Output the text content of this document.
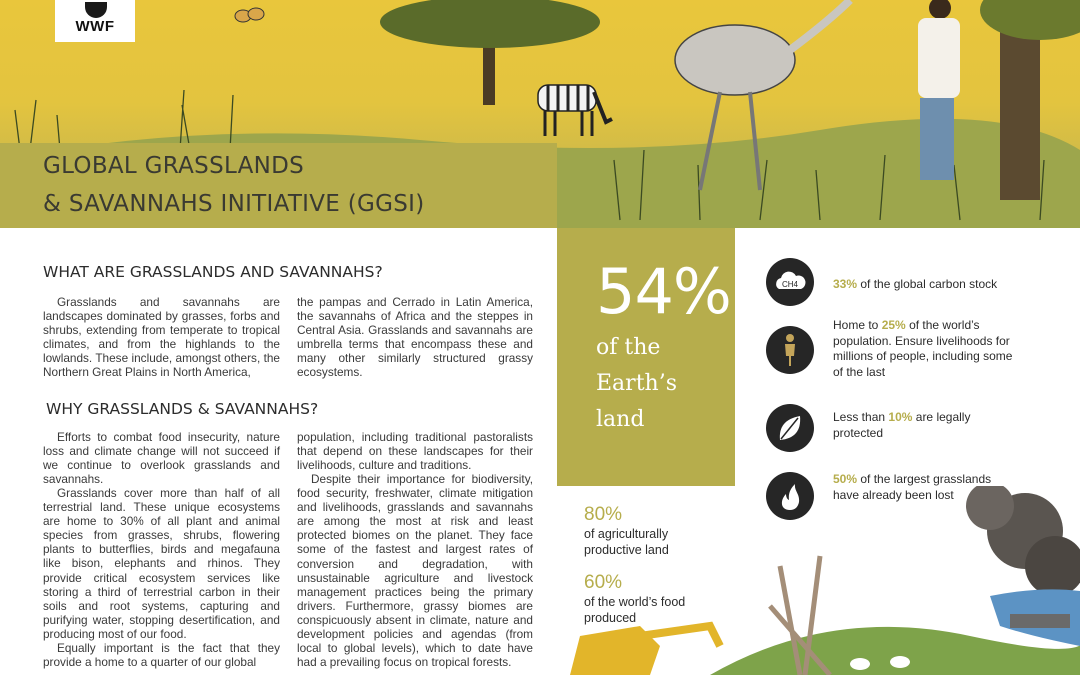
WWF
GLOBAL GRASSLANDS
& SAVANNAHS INITIATIVE (GGSI)
WHAT ARE GRASSLANDS AND SAVANNAHS?

Grasslands and savannahs are landscapes dominated by grasses, forbs and shrubs, extending from temperate to tropical climates, and from the highlands to the lowlands. These include, amongst others, the Northern Great Plains in North America,

the pampas and Cerrado in Latin America, the savannahs of Africa and the steppes in Central Asia. Grasslands and savannahs are umbrella terms that encompass these and many other similarly structured grassy ecosystems.

WHY GRASSLANDS & SAVANNAHS?

Efforts to combat food insecurity, nature loss and climate change will not succeed if we continue to overlook grasslands and savannahs.

Grasslands cover more than half of all terrestrial land. These unique ecosystems are home to 30% of all plant and animal species from grasses, shrubs, flowering plants to butterflies, birds and megafauna like bison, elephants and rhinos. They provide critical ecosystem services like storing a third of terrestrial carbon in their soils and root systems, capturing and purifying water, stopping desertification, and producing most of our food.

Equally important is the fact that they provide a home to a quarter of our global

population, including traditional pastoralists that depend on these landscapes for their livelihoods, culture and traditions.

Despite their importance for biodiversity, food security, freshwater, climate mitigation and livelihoods, grasslands and savannahs are among the most at risk and least protected biomes on the planet. They face some of the fastest and largest rates of conversion and degradation, with unsustainable agriculture and livestock management practices being the primary drivers. Furthermore, grassy biomes are conspicuously absent in climate, nature and development policies and agendas (from local to global levels), which to date have had a prevailing focus on tropical forests.

54%
of the
Earth’s
land
80%
of agriculturally
productive land
60%
of the world’s food
produced
CH4	33% of the global carbon stock
Home to 25% of the world’s population. Ensure livelihoods for millions of people, including some of the last
Less than 10% are legally protected
50% of the largest grasslands have already been lost
